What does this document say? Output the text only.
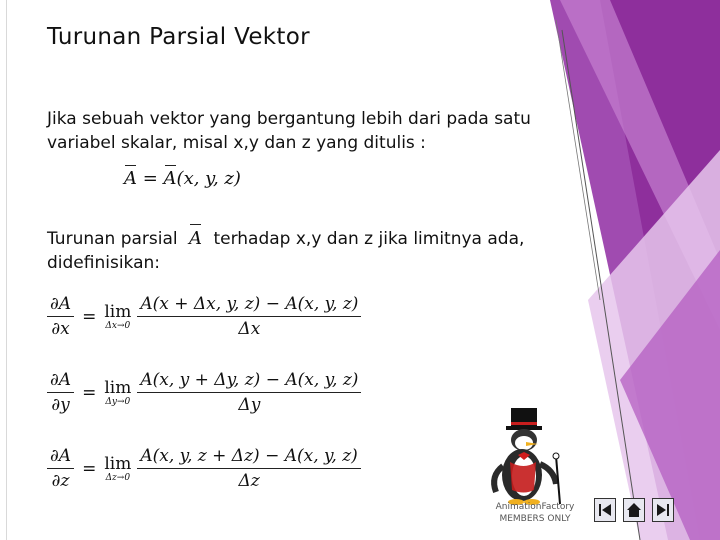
Turunan Parsial Vektor
Jika sebuah vektor yang bergantung lebih dari pada satu
variabel skalar, misal x,y dan z yang ditulis :
A = A(x, y, z)
Turunan parsial A terhadap x,y dan z jika limitnya ada,
didefinisikan:
$\frac{\partial A}{\partial x} = \lim$
$\Delta x\to 0 \frac{A(x + \Delta x, y, z) - A(x, y, z)}{\Delta x}$
$\frac{\partial A}{\partial y} = \lim$
$\Delta y\to 0 \frac{A(x, y + \Delta y, z) - A(x, y, z)}{\Delta y}$
$\frac{\partial A}{\partial z} = \lim$
$\Delta z\to 0 \frac{A(x, y, z + \Delta z) - A(x, y, z)}{\Delta z}$
AnimationFactory
MEMBERS ONLY
